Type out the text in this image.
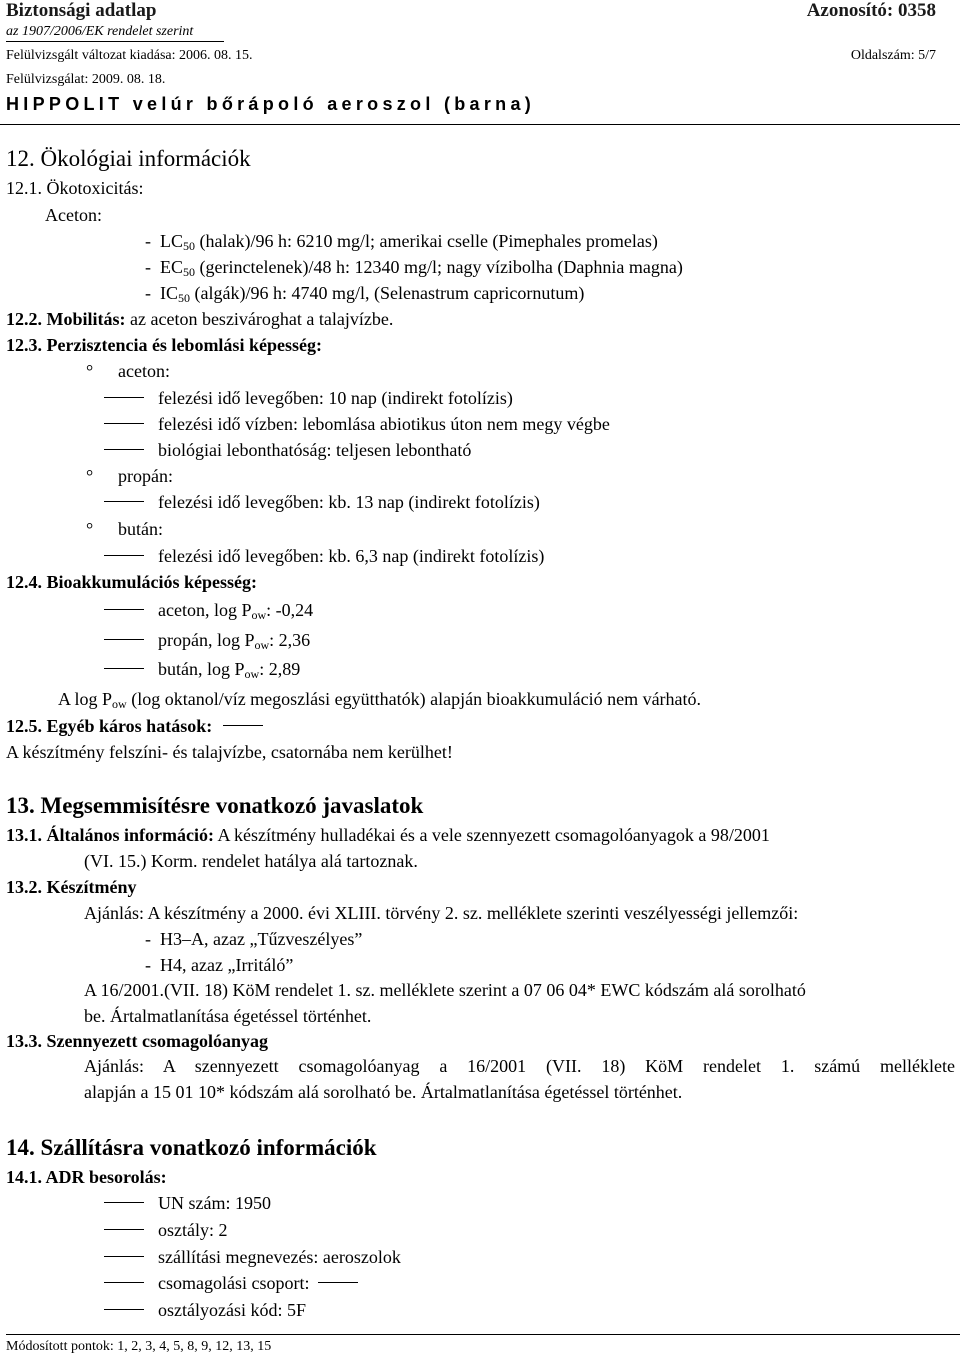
Biztonsági adatlap	Azonosító: 0358
az 1907/2006/EK rendelet szerint
Felülvizsgált változat kiadása: 2006. 08. 15.	Oldalszám: 5/7
Felülvizsgálat: 2009. 08. 18.
HIPPOLIT velúr bőrápoló aeroszol (barna)
12. Ökológiai információk
12.1. Ökotoxicitás:
Aceton:
-  $LC_{50}$ (halak)/96 h: 6210 mg/l; amerikai cselle (Pimephales promelas)
-  $EC_{50}$ (gerinctelenek)/48 h: 12340 mg/l; nagy vízibolha (Daphnia magna)
-  $IC_{50}$ (algák)/96 h: 4740 mg/l, (Selenastrum capricornutum)
12.2. Mobilitás: az aceton beszivároghat a talajvízbe.
12.3. Perzisztencia és lebomlási képesség:
° aceton:
felezési idő levegőben: 10 nap (indirekt fotolízis)
felezési idő vízben: lebomlása abiotikus úton nem megy végbe
biológiai lebonthatóság: teljesen lebontható
° propán:
felezési idő levegőben: kb. 13 nap (indirekt fotolízis)
° bután:
felezési idő levegőben: kb. 6,3 nap (indirekt fotolízis)
12.4. Bioakkumulációs képesség:
aceton, $\log P_{ow}$: -0,24
propán, $\log P_{ow}$: 2,36
bután, $\log P_{ow}$: 2,89
A $\log P_{ow}$ (log oktanol/víz megoszlási együtthatók) alapján bioakkumuláció nem várható.
12.5. Egyéb káros hatások:
A készítmény felszíni- és talajvízbe, csatornába nem kerülhet!
13. Megsemmisítésre vonatkozó javaslatok
13.1. Általános információ: A készítmény hulladékai és a vele szennyezett csomagolóanyagok a 98/2001
(VI. 15.) Korm. rendelet hatálya alá tartoznak.
13.2. Készítmény
Ajánlás: A készítmény a 2000. évi XLIII. törvény 2. sz. melléklete szerinti veszélyességi jellemzői:
-  H3–A, azaz „Tűzveszélyes”
-  H4, azaz „Irritáló”
A 16/2001.(VII. 18) KöM rendelet 1. sz. melléklete szerint a 07 06 04* EWC kódszám alá sorolható
be. Ártalmatlanítása égetéssel történhet.
13.3. Szennyezett csomagolóanyag
Ajánlás: A szennyezett csomagolóanyag a 16/2001 (VII. 18) KöM rendelet 1. számú melléklete
alapján a 15 01 10* kódszám alá sorolható be. Ártalmatlanítása égetéssel történhet.
14. Szállításra vonatkozó információk
14.1. ADR besorolás:
UN szám: 1950
osztály: 2
szállítási megnevezés: aeroszolok
csomagolási csoport:
osztályozási kód: 5F
Módosított pontok: 1, 2, 3, 4, 5, 8, 9, 12, 13, 15
